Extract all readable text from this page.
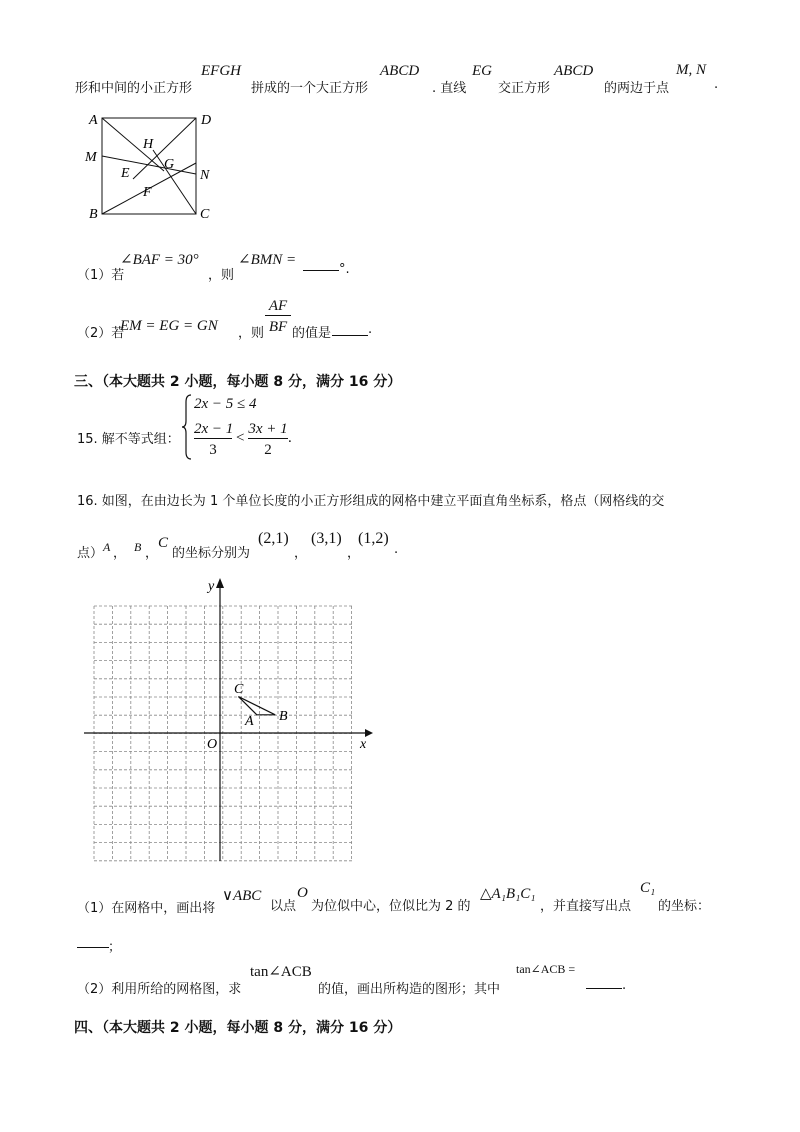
形和中间的小正方形
EFGH
拼成的一个大正方形
ABCD
. 直线
EG
交正方形
ABCD
的两边于点
M, N
.
A	D
M
H
G
E	N
F
B	C
（1）若
∠BAF = 30°
，则
∠BMN =
°.
（2）若
EM = EG = GN ，则
AF
BF 的值是	.
三、（本大题共 2 小题，每小题 8 分，满分 16 分）
15. 解不等式组：
2x − 5 ≤ 4
2x − 1
3
<
3x + 1
2
.
16. 如图，在由边长为 1 个单位长度的小正方形组成的网格中建立平面直角坐标系，格点（网格线的交
点） A ， B ，
C
的坐标分别为
(2,1)
，
(3,1)
，
(1,2)
.
y
x
O
C
A B
（1）在网格中，画出将
∨ABC
以点
O
为位似中心，位似比为 2 的
△A₁B₁C₁
，并直接写出点
C₁
的坐标：
；
（2）利用所给的网格图，求
tan∠ACB
的值，画出所构造的图形；其中
tan∠ACB =
.
四、（本大题共 2 小题，每小题 8 分，满分 16 分）
